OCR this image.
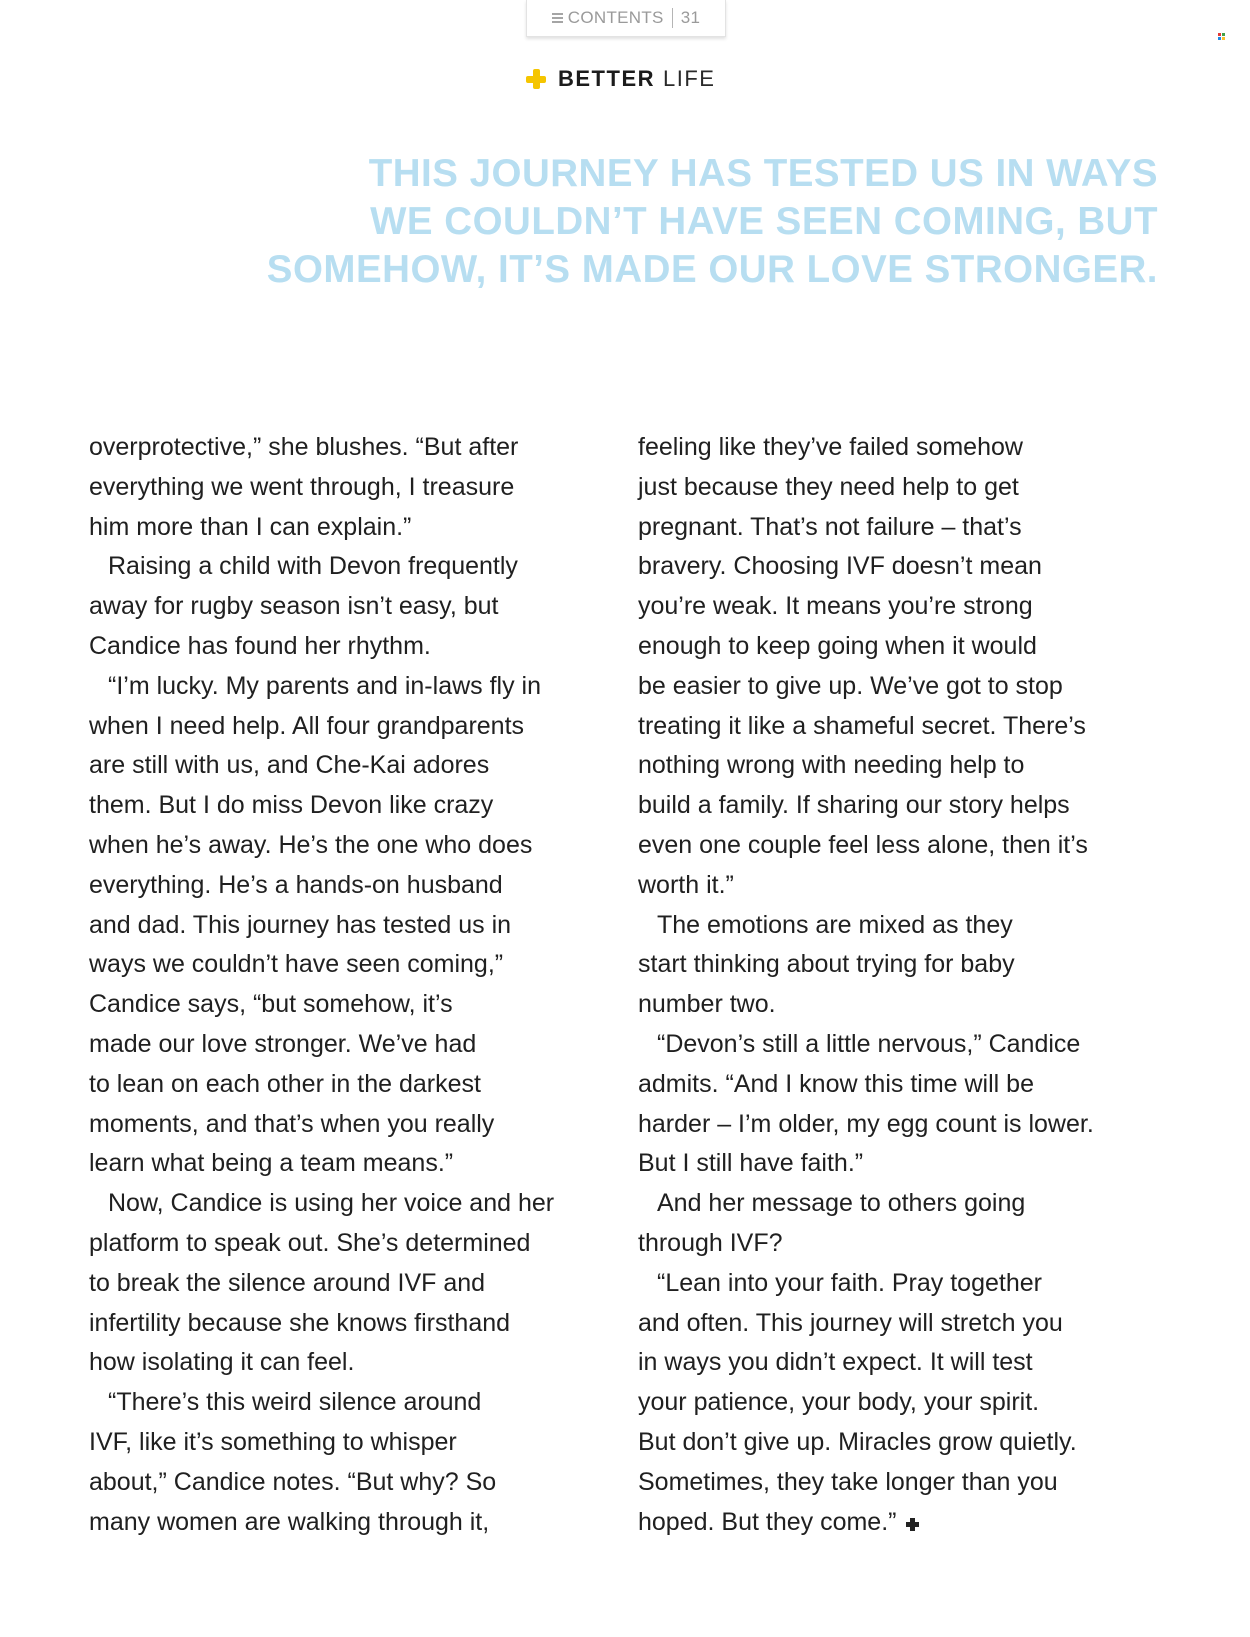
CONTENTS 31
BETTER LIFE
THIS JOURNEY HAS TESTED US IN WAYS
WE COULDN’T HAVE SEEN COMING, BUT
SOMEHOW, IT’S MADE OUR LOVE STRONGER.
overprotective,” she blushes. “But after
everything we went through, I treasure
him more than I can explain.”
Raising a child with Devon frequently
away for rugby season isn’t easy, but
Candice has found her rhythm.
“I’m lucky. My parents and in-laws fly in
when I need help. All four grandparents
are still with us, and Che-Kai adores
them. But I do miss Devon like crazy
when he’s away. He’s the one who does
everything. He’s a hands-on husband
and dad. This journey has tested us in
ways we couldn’t have seen coming,”
Candice says, “but somehow, it’s
made our love stronger. We’ve had
to lean on each other in the darkest
moments, and that’s when you really
learn what being a team means.”
Now, Candice is using her voice and her
platform to speak out. She’s determined
to break the silence around IVF and
infertility because she knows firsthand
how isolating it can feel.
“There’s this weird silence around
IVF, like it’s something to whisper
about,” Candice notes. “But why? So
many women are walking through it,
feeling like they’ve failed somehow
just because they need help to get
pregnant. That’s not failure – that’s
bravery. Choosing IVF doesn’t mean
you’re weak. It means you’re strong
enough to keep going when it would
be easier to give up. We’ve got to stop
treating it like a shameful secret. There’s
nothing wrong with needing help to
build a family. If sharing our story helps
even one couple feel less alone, then it’s
worth it.”
The emotions are mixed as they
start thinking about trying for baby
number two.
“Devon’s still a little nervous,” Candice
admits. “And I know this time will be
harder – I’m older, my egg count is lower.
But I still have faith.”
And her message to others going
through IVF?
“Lean into your faith. Pray together
and often. This journey will stretch you
in ways you didn’t expect. It will test
your patience, your body, your spirit.
But don’t give up. Miracles grow quietly.
Sometimes, they take longer than you
hoped. But they come.”
